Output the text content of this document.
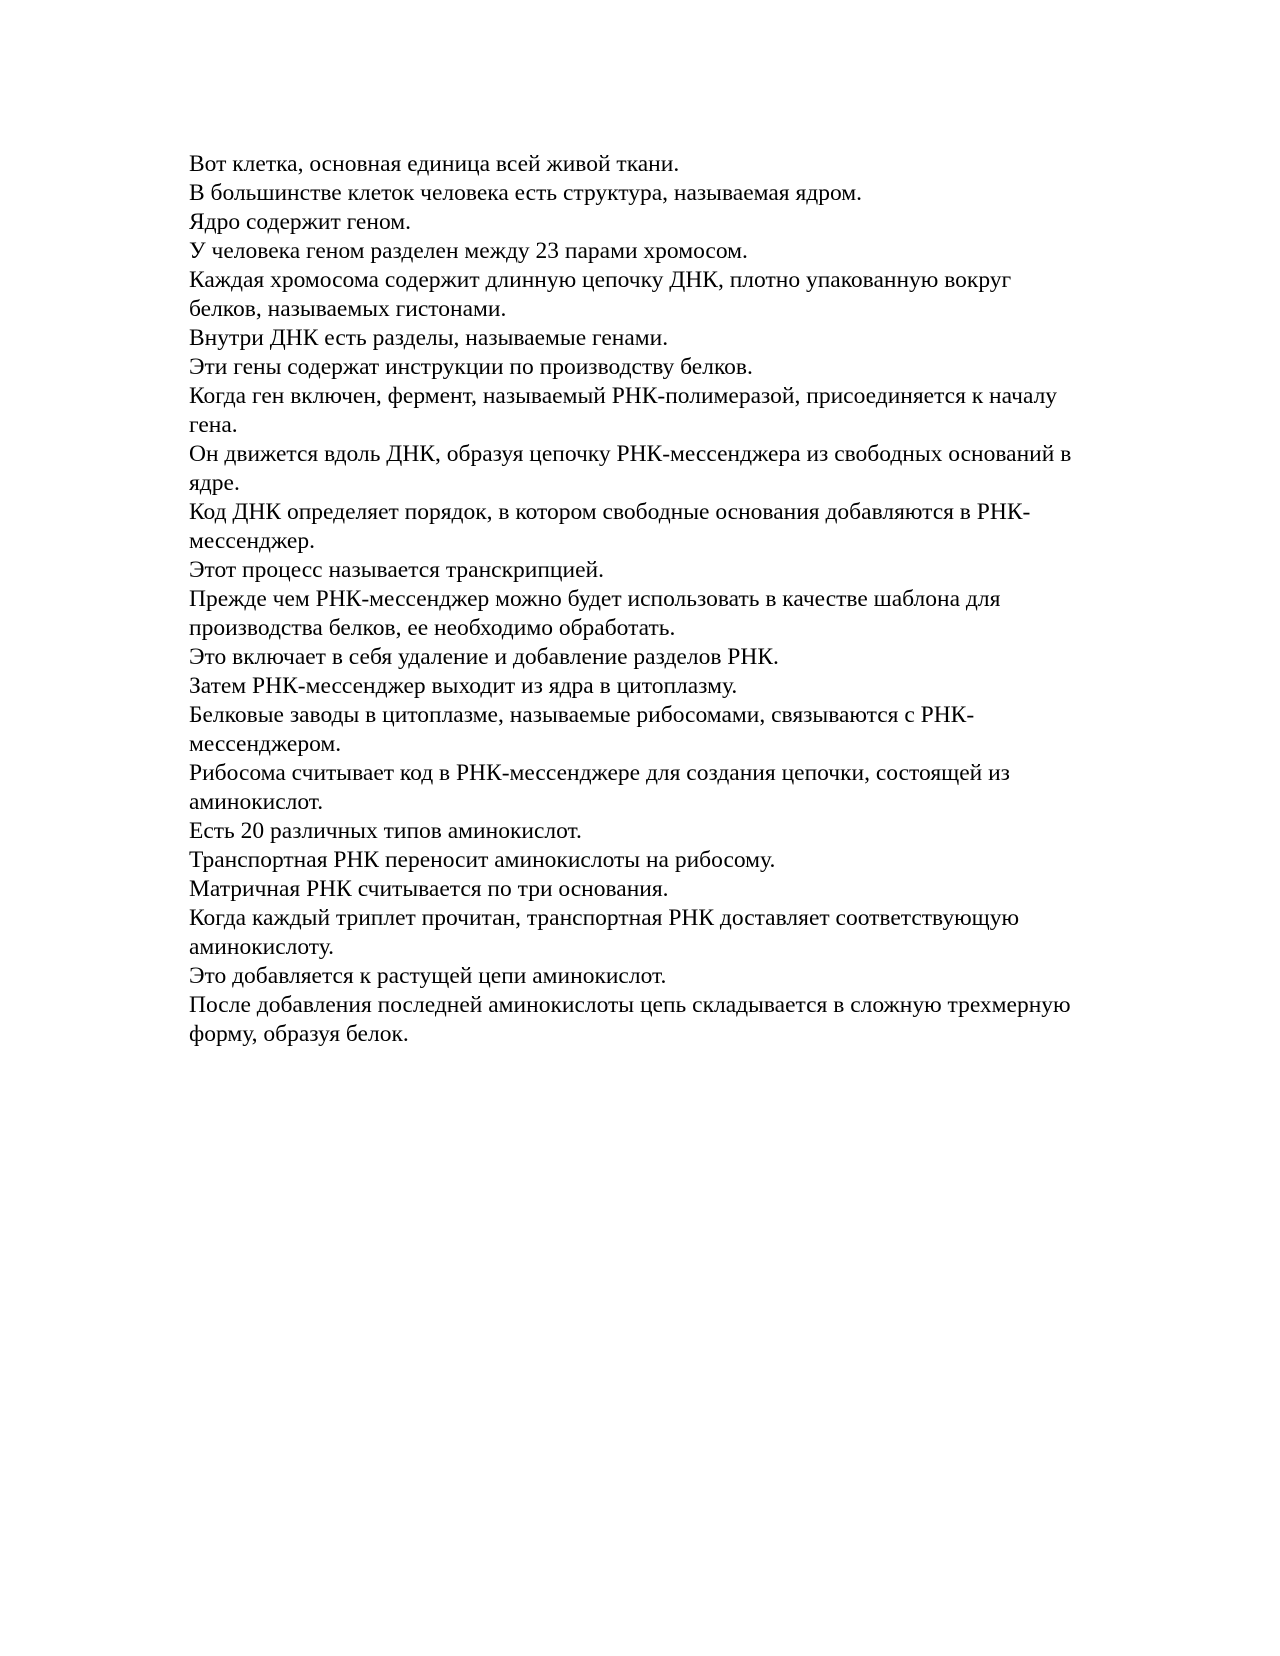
Вот клетка, основная единица всей живой ткани.

В большинстве клеток человека есть структура, называемая ядром.

Ядро содержит геном.

У человека геном разделен между 23 парами хромосом.

Каждая хромосома содержит длинную цепочку ДНК, плотно упакованную вокруг белков, называемых гистонами.

Внутри ДНК есть разделы, называемые генами.

Эти гены содержат инструкции по производству белков.

Когда ген включен, фермент, называемый РНК-полимеразой, присоединяется к началу гена.

Он движется вдоль ДНК, образуя цепочку РНК-мессенджера из свободных оснований в ядре.

Код ДНК определяет порядок, в котором свободные основания добавляются в РНК-мессенджер.

Этот процесс называется транскрипцией.

Прежде чем РНК-мессенджер можно будет использовать в качестве шаблона для производства белков, ее необходимо обработать.

Это включает в себя удаление и добавление разделов РНК.

Затем РНК-мессенджер выходит из ядра в цитоплазму.

Белковые заводы в цитоплазме, называемые рибосомами, связываются с РНК-мессенджером.

Рибосома считывает код в РНК-мессенджере для создания цепочки, состоящей из аминокислот.

Есть 20 различных типов аминокислот.

Транспортная РНК переносит аминокислоты на рибосому.

Матричная РНК считывается по три основания.

Когда каждый триплет прочитан, транспортная РНК доставляет соответствующую аминокислоту.

Это добавляется к растущей цепи аминокислот.

После добавления последней аминокислоты цепь складывается в сложную трехмерную форму, образуя белок.
